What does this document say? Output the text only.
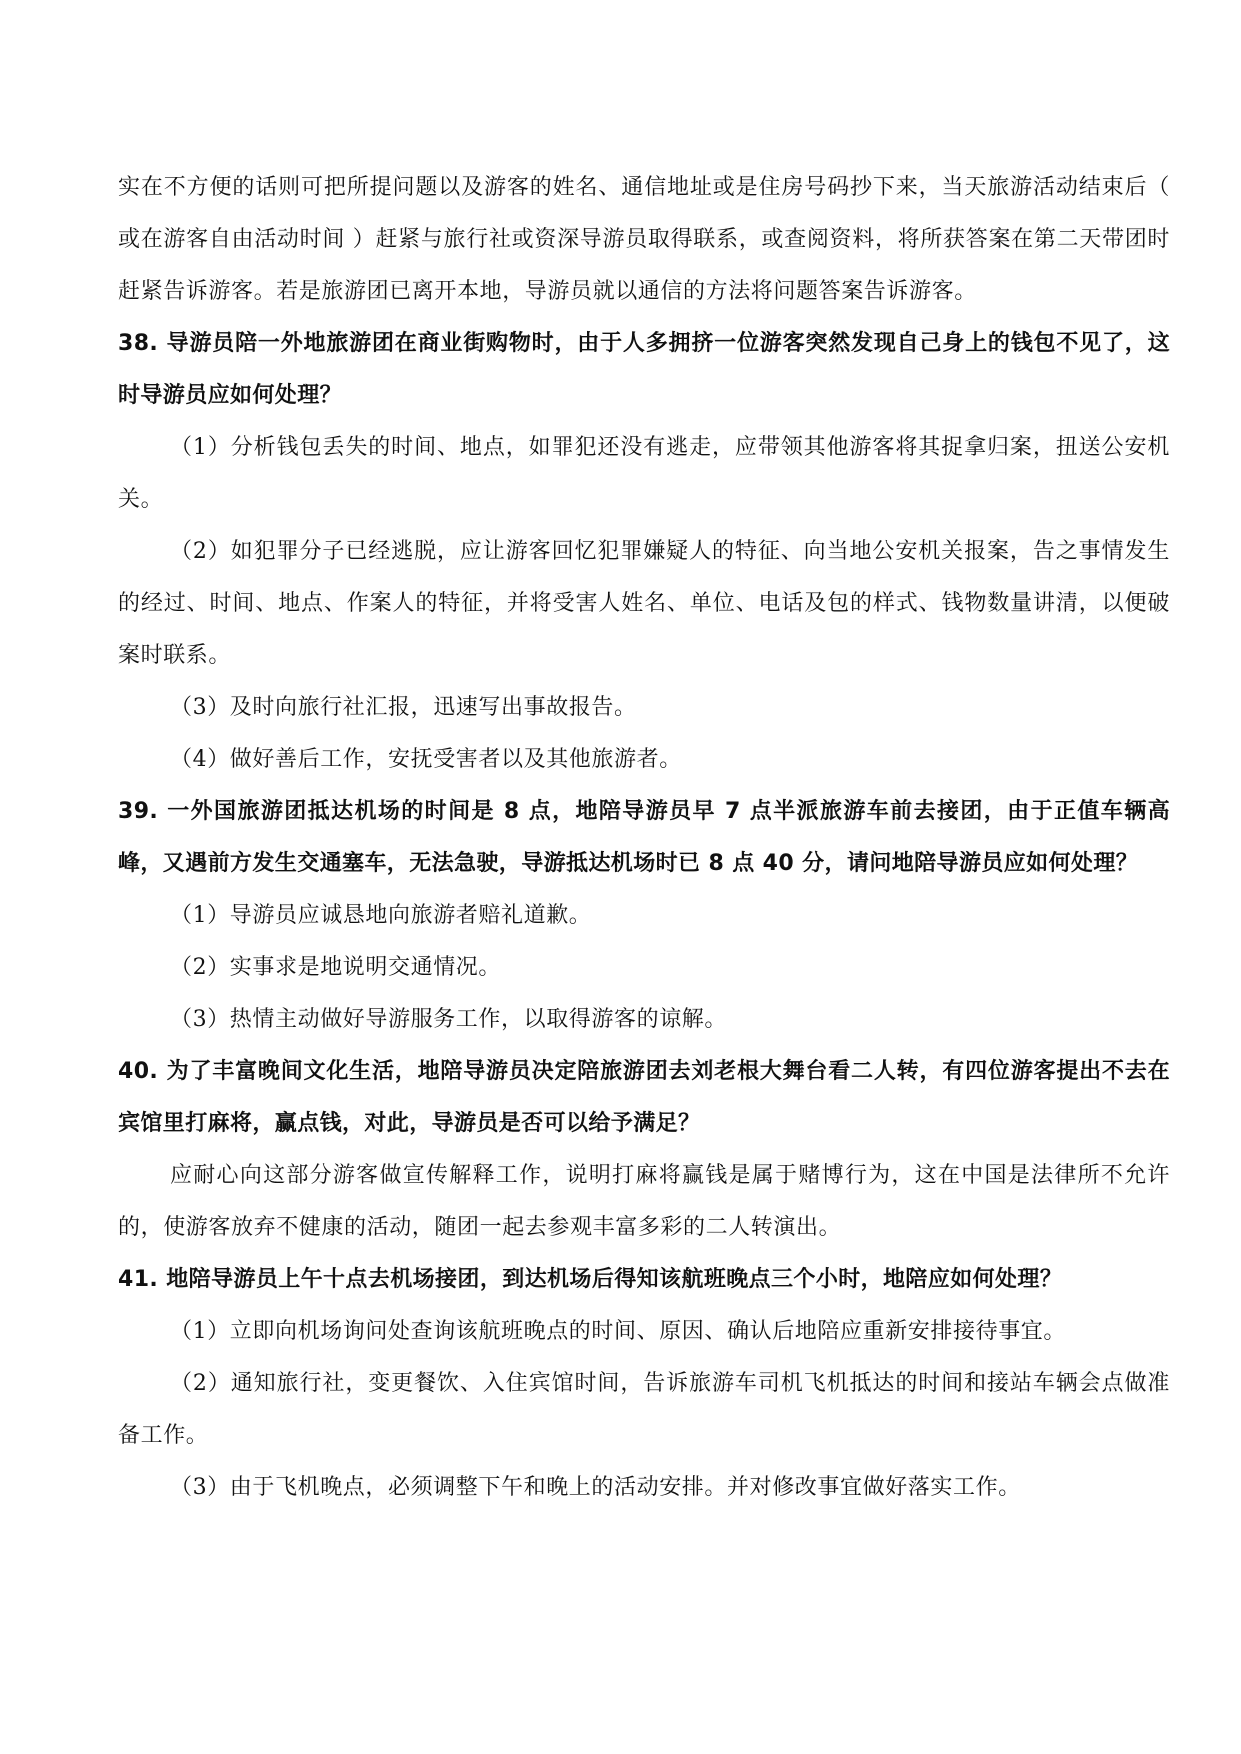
实在不方便的话则可把所提问题以及游客的姓名、通信地址或是住房号码抄下来，当天旅游活动结束后（ 或在游客自由活动时间 ）赶紧与旅行社或资深导游员取得联系，或查阅资料，将所获答案在第二天带团时赶紧告诉游客。若是旅游团已离开本地，导游员就以通信的方法将问题答案告诉游客。

38. 导游员陪一外地旅游团在商业街购物时，由于人多拥挤一位游客突然发现自己身上的钱包不见了，这时导游员应如何处理？

（1）分析钱包丢失的时间、地点，如罪犯还没有逃走，应带领其他游客将其捉拿归案，扭送公安机关。

（2）如犯罪分子已经逃脱，应让游客回忆犯罪嫌疑人的特征、向当地公安机关报案，告之事情发生的经过、时间、地点、作案人的特征，并将受害人姓名、单位、电话及包的样式、钱物数量讲清，以便破案时联系。

（3）及时向旅行社汇报，迅速写出事故报告。

（4）做好善后工作，安抚受害者以及其他旅游者。

39. 一外国旅游团抵达机场的时间是 8 点，地陪导游员早 7 点半派旅游车前去接团，由于正值车辆高峰，又遇前方发生交通塞车，无法急驶，导游抵达机场时已 8 点 40 分，请问地陪导游员应如何处理？

（1）导游员应诚恳地向旅游者赔礼道歉。

（2）实事求是地说明交通情况。

（3）热情主动做好导游服务工作，以取得游客的谅解。

40. 为了丰富晚间文化生活，地陪导游员决定陪旅游团去刘老根大舞台看二人转，有四位游客提出不去在宾馆里打麻将，赢点钱，对此，导游员是否可以给予满足？

应耐心向这部分游客做宣传解释工作，说明打麻将赢钱是属于赌博行为，这在中国是法律所不允许的，使游客放弃不健康的活动，随团一起去参观丰富多彩的二人转演出。

41. 地陪导游员上午十点去机场接团，到达机场后得知该航班晚点三个小时，地陪应如何处理？

（1）立即向机场询问处查询该航班晚点的时间、原因、确认后地陪应重新安排接待事宜。

（2）通知旅行社，变更餐饮、入住宾馆时间，告诉旅游车司机飞机抵达的时间和接站车辆会点做准备工作。

（3）由于飞机晚点，必须调整下午和晚上的活动安排。并对修改事宜做好落实工作。
